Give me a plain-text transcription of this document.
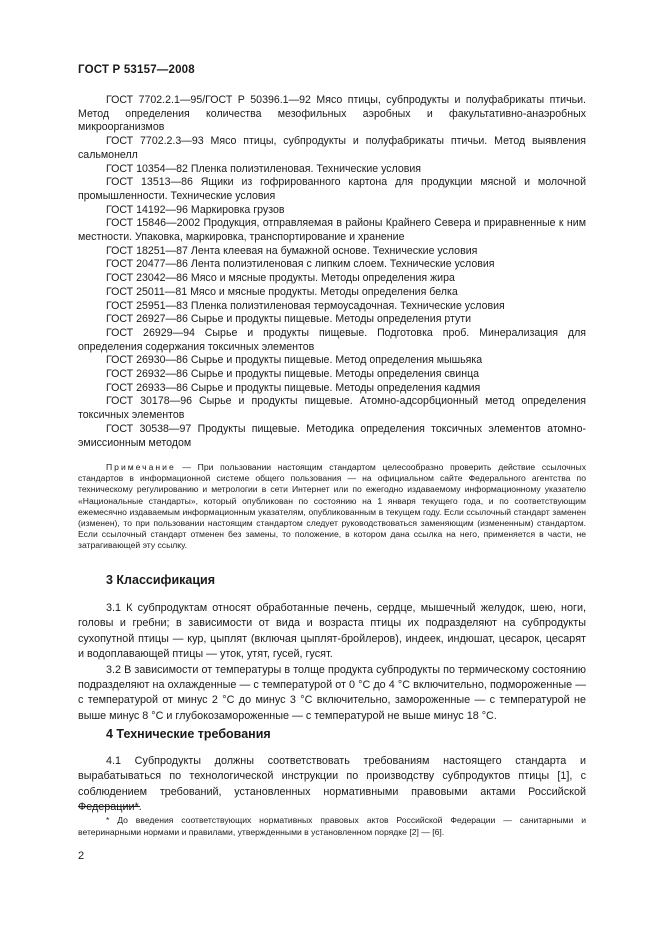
ГОСТ Р 53157—2008

ГОСТ 7702.2.1—95/ГОСТ Р 50396.1—92 Мясо птицы, субпродукты и полуфабрикаты птичьи. Метод определения количества мезофильных аэробных и факультативно-анаэробных микроорганизмов

ГОСТ 7702.2.3—93 Мясо птицы, субпродукты и полуфабрикаты птичьи. Метод выявления сальмонелл

ГОСТ 10354—82 Пленка полиэтиленовая. Технические условия

ГОСТ 13513—86 Ящики из гофрированного картона для продукции мясной и молочной промышленности. Технические условия

ГОСТ 14192—96 Маркировка грузов

ГОСТ 15846—2002 Продукция, отправляемая в районы Крайнего Севера и приравненные к ним местности. Упаковка, маркировка, транспортирование и хранение

ГОСТ 18251—87 Лента клеевая на бумажной основе. Технические условия

ГОСТ 20477—86 Лента полиэтиленовая с липким слоем. Технические условия

ГОСТ 23042—86 Мясо и мясные продукты. Методы определения жира

ГОСТ 25011—81 Мясо и мясные продукты. Методы определения белка

ГОСТ 25951—83 Пленка полиэтиленовая термоусадочная. Технические условия

ГОСТ 26927—86 Сырье и продукты пищевые. Методы определения ртути

ГОСТ 26929—94 Сырье и продукты пищевые. Подготовка проб. Минерализация для определения содержания токсичных элементов

ГОСТ 26930—86 Сырье и продукты пищевые. Метод определения мышьяка

ГОСТ 26932—86 Сырье и продукты пищевые. Методы определения свинца

ГОСТ 26933—86 Сырье и продукты пищевые. Методы определения кадмия

ГОСТ 30178—96 Сырье и продукты пищевые. Атомно-адсорбционный метод определения токсичных элементов

ГОСТ 30538—97 Продукты пищевые. Методика определения токсичных элементов атомно-эмиссионным методом

Примечание — При пользовании настоящим стандартом целесообразно проверить действие ссылочных стандартов в информационной системе общего пользования — на официальном сайте Федерального агентства по техническому регулированию и метрологии в сети Интернет или по ежегодно издаваемому информационному указателю «Национальные стандарты», который опубликован по состоянию на 1 января текущего года, и по соответствующим ежемесячно издаваемым информационным указателям, опубликованным в текущем году. Если ссылочный стандарт заменен (изменен), то при пользовании настоящим стандартом следует руководствоваться заменяющим (измененным) стандартом. Если ссылочный стандарт отменен без замены, то положение, в котором дана ссылка на него, применяется в части, не затрагивающей эту ссылку.

3 Классификация

3.1 К субпродуктам относят обработанные печень, сердце, мышечный желудок, шею, ноги, головы и гребни; в зависимости от вида и возраста птицы их подразделяют на субпродукты сухопутной птицы — кур, цыплят (включая цыплят-бройлеров), индеек, индюшат, цесарок, цесарят и водоплавающей птицы — уток, утят, гусей, гусят.

3.2 В зависимости от температуры в толще продукта субпродукты по термическому состоянию подразделяют на охлажденные — с температурой от 0 °С до 4 °С включительно, подмороженные — с температурой от минус 2 °С до минус 3 °С включительно, замороженные — с температурой не выше минус 8 °С и глубокозамороженные — с температурой не выше минус 18 °С.

4 Технические требования

4.1 Субпродукты должны соответствовать требованиям настоящего стандарта и вырабатываться по технологической инструкции по производству субпродуктов птицы [1], с соблюдением требований, установленных нормативными правовыми актами Российской Федерации*.

* До введения соответствующих нормативных правовых актов Российской Федерации — санитарными и ветеринарными нормами и правилами, утвержденными в установленном порядке [2] — [6].

2
